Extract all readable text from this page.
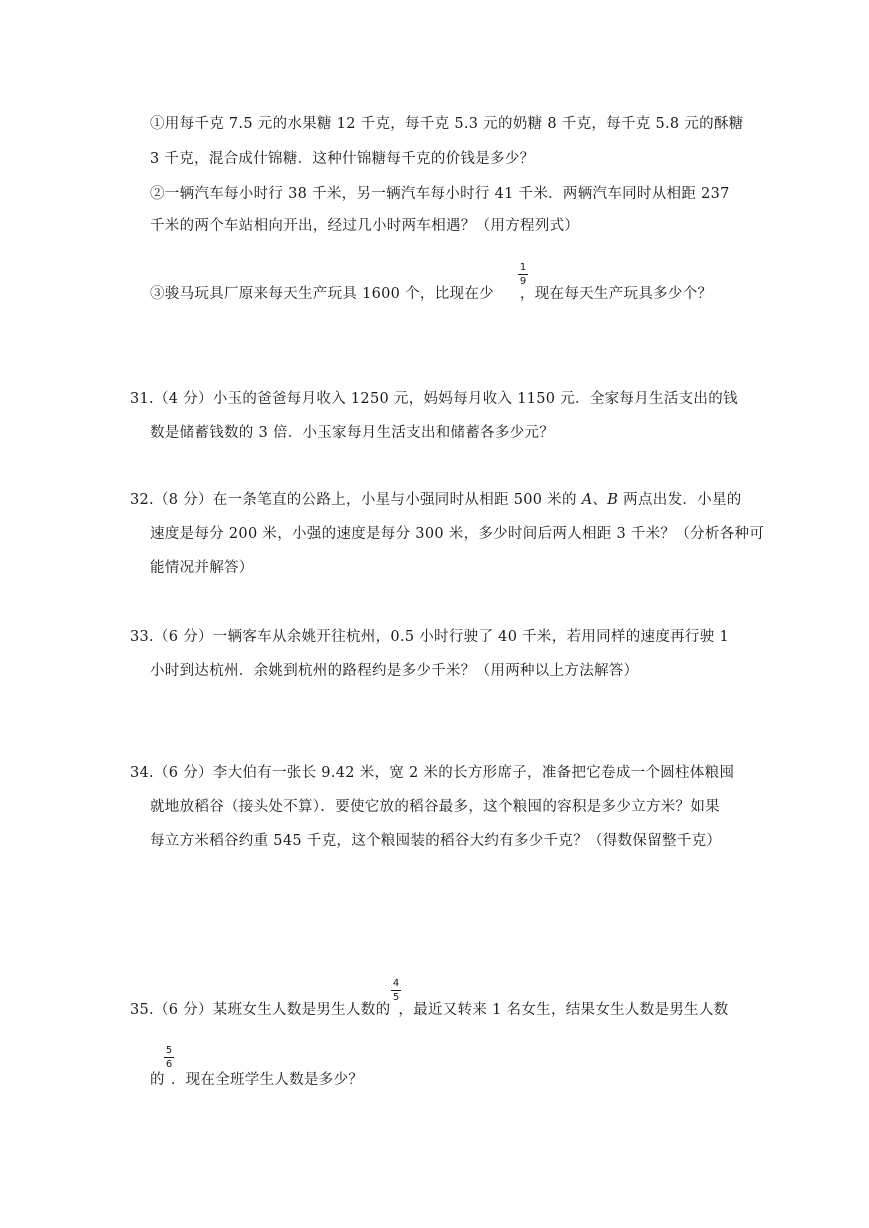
①用每千克 7.5 元的水果糖 12 千克，每千克 5.3 元的奶糖 8 千克，每千克 5.8 元的酥糖
3 千克，混合成什锦糖．这种什锦糖每千克的价钱是多少？
②一辆汽车每小时行 38 千米，另一辆汽车每小时行 41 千米．两辆汽车同时从相距 237
千米的两个车站相向开出，经过几小时两车相遇？（用方程列式）
③骏马玩具厂原来每天生产玩具 1600 个，比现在少 ，现在每天生产玩具多少个？
1
9
31.（4 分）小玉的爸爸每月收入 1250 元，妈妈每月收入 1150 元．全家每月生活支出的钱
数是储蓄钱数的 3 倍．小玉家每月生活支出和储蓄各多少元？
32.（8 分）在一条笔直的公路上，小星与小强同时从相距 500 米的 A、B 两点出发．小星的
速度是每分 200 米，小强的速度是每分 300 米，多少时间后两人相距 3 千米？（分析各种可
能情况并解答）
33.（6 分）一辆客车从余姚开往杭州，0.5 小时行驶了 40 千米，若用同样的速度再行驶 1
小时到达杭州．余姚到杭州的路程约是多少千米？（用两种以上方法解答）
34.（6 分）李大伯有一张长 9.42 米，宽 2 米的长方形席子，准备把它卷成一个圆柱体粮囤
就地放稻谷（接头处不算）．要使它放的稻谷最多，这个粮囤的容积是多少立方米？如果
每立方米稻谷约重 545 千克，这个粮囤装的稻谷大约有多少千克？（得数保留整千克）
35.（6 分）某班女生人数是男生人数的 ，最近又转来 1 名女生，结果女生人数是男生人数
4
5
的 ．现在全班学生人数是多少？
5
6
